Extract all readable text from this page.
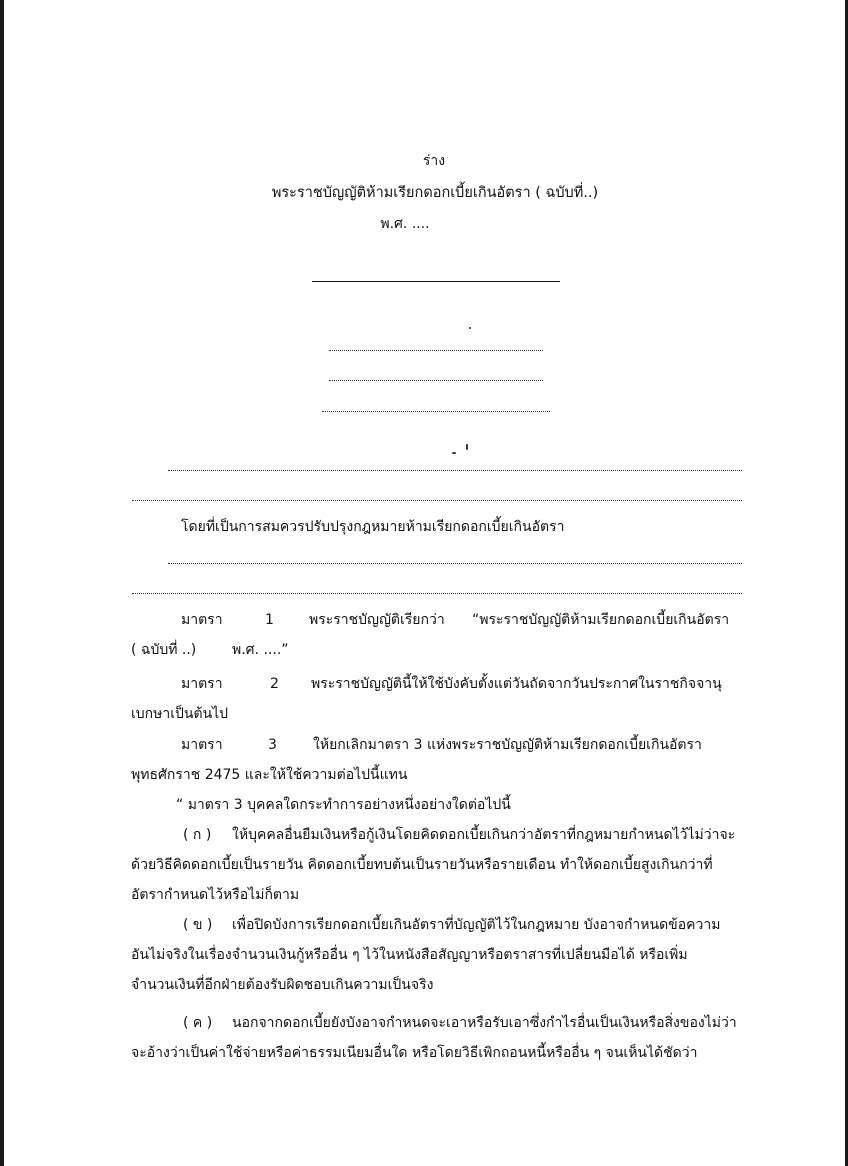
ร่าง
พระราชบัญญัติห้ามเรียกดอกเบี้ยเกินอัตรา ( ฉบับที่..)
พ.ศ. ....
โดยที่เป็นการสมควรปรับปรุงกฎหมายห้ามเรียกดอกเบี้ยเกินอัตรา
มาตรา	1	พระราชบัญญัติเรียกว่า “พระราชบัญญัติห้ามเรียกดอกเบี้ยเกินอัตรา
( ฉบับที่ ..)	พ.ศ. ....”
มาตรา	2 พระราชบัญญัตินี้ให้ใช้บังคับตั้งแต่วันถัดจากวันประกาศในราชกิจจานุ
เบกษาเป็นต้นไป
มาตรา	3	ให้ยกเลิกมาตรา 3 แห่งพระราชบัญญัติห้ามเรียกดอกเบี้ยเกินอัตรา
พุทธศักราช 2475 และให้ใช้ความต่อไปนี้แทน
“ มาตรา 3 บุคคลใดกระทำการอย่างหนึ่งอย่างใดต่อไปนี้
( ก ) ให้บุคคลอื่นยืมเงินหรือกู้เงินโดยคิดดอกเบี้ยเกินกว่าอัตราที่กฎหมายกำหนดไว้ไม่ว่าจะ
ด้วยวิธีคิดดอกเบี้ยเป็นรายวัน คิดดอกเบี้ยทบต้นเป็นรายวันหรือรายเดือน ทำให้ดอกเบี้ยสูงเกินกว่าที่
อัตรากำหนดไว้หรือไม่ก็ตาม
( ข ) เพื่อปิดบังการเรียกดอกเบี้ยเกินอัตราที่บัญญัติไว้ในกฎหมาย บังอาจกำหนดข้อความ
อันไม่จริงในเรื่องจำนวนเงินกู้หรืออื่น ๆ ไว้ในหนังสือสัญญาหรือตราสารที่เปลี่ยนมือได้ หรือเพิ่ม
จำนวนเงินที่อีกฝ่ายต้องรับผิดชอบเกินความเป็นจริง
( ค ) นอกจากดอกเบี้ยยังบังอาจกำหนดจะเอาหรือรับเอาซึ่งกำไรอื่นเป็นเงินหรือสิ่งของไม่ว่า
จะอ้างว่าเป็นค่าใช้จ่ายหรือค่าธรรมเนียมอื่นใด หรือโดยวิธีเพิกถอนหนี้หรืออื่น ๆ จนเห็นได้ชัดว่า
